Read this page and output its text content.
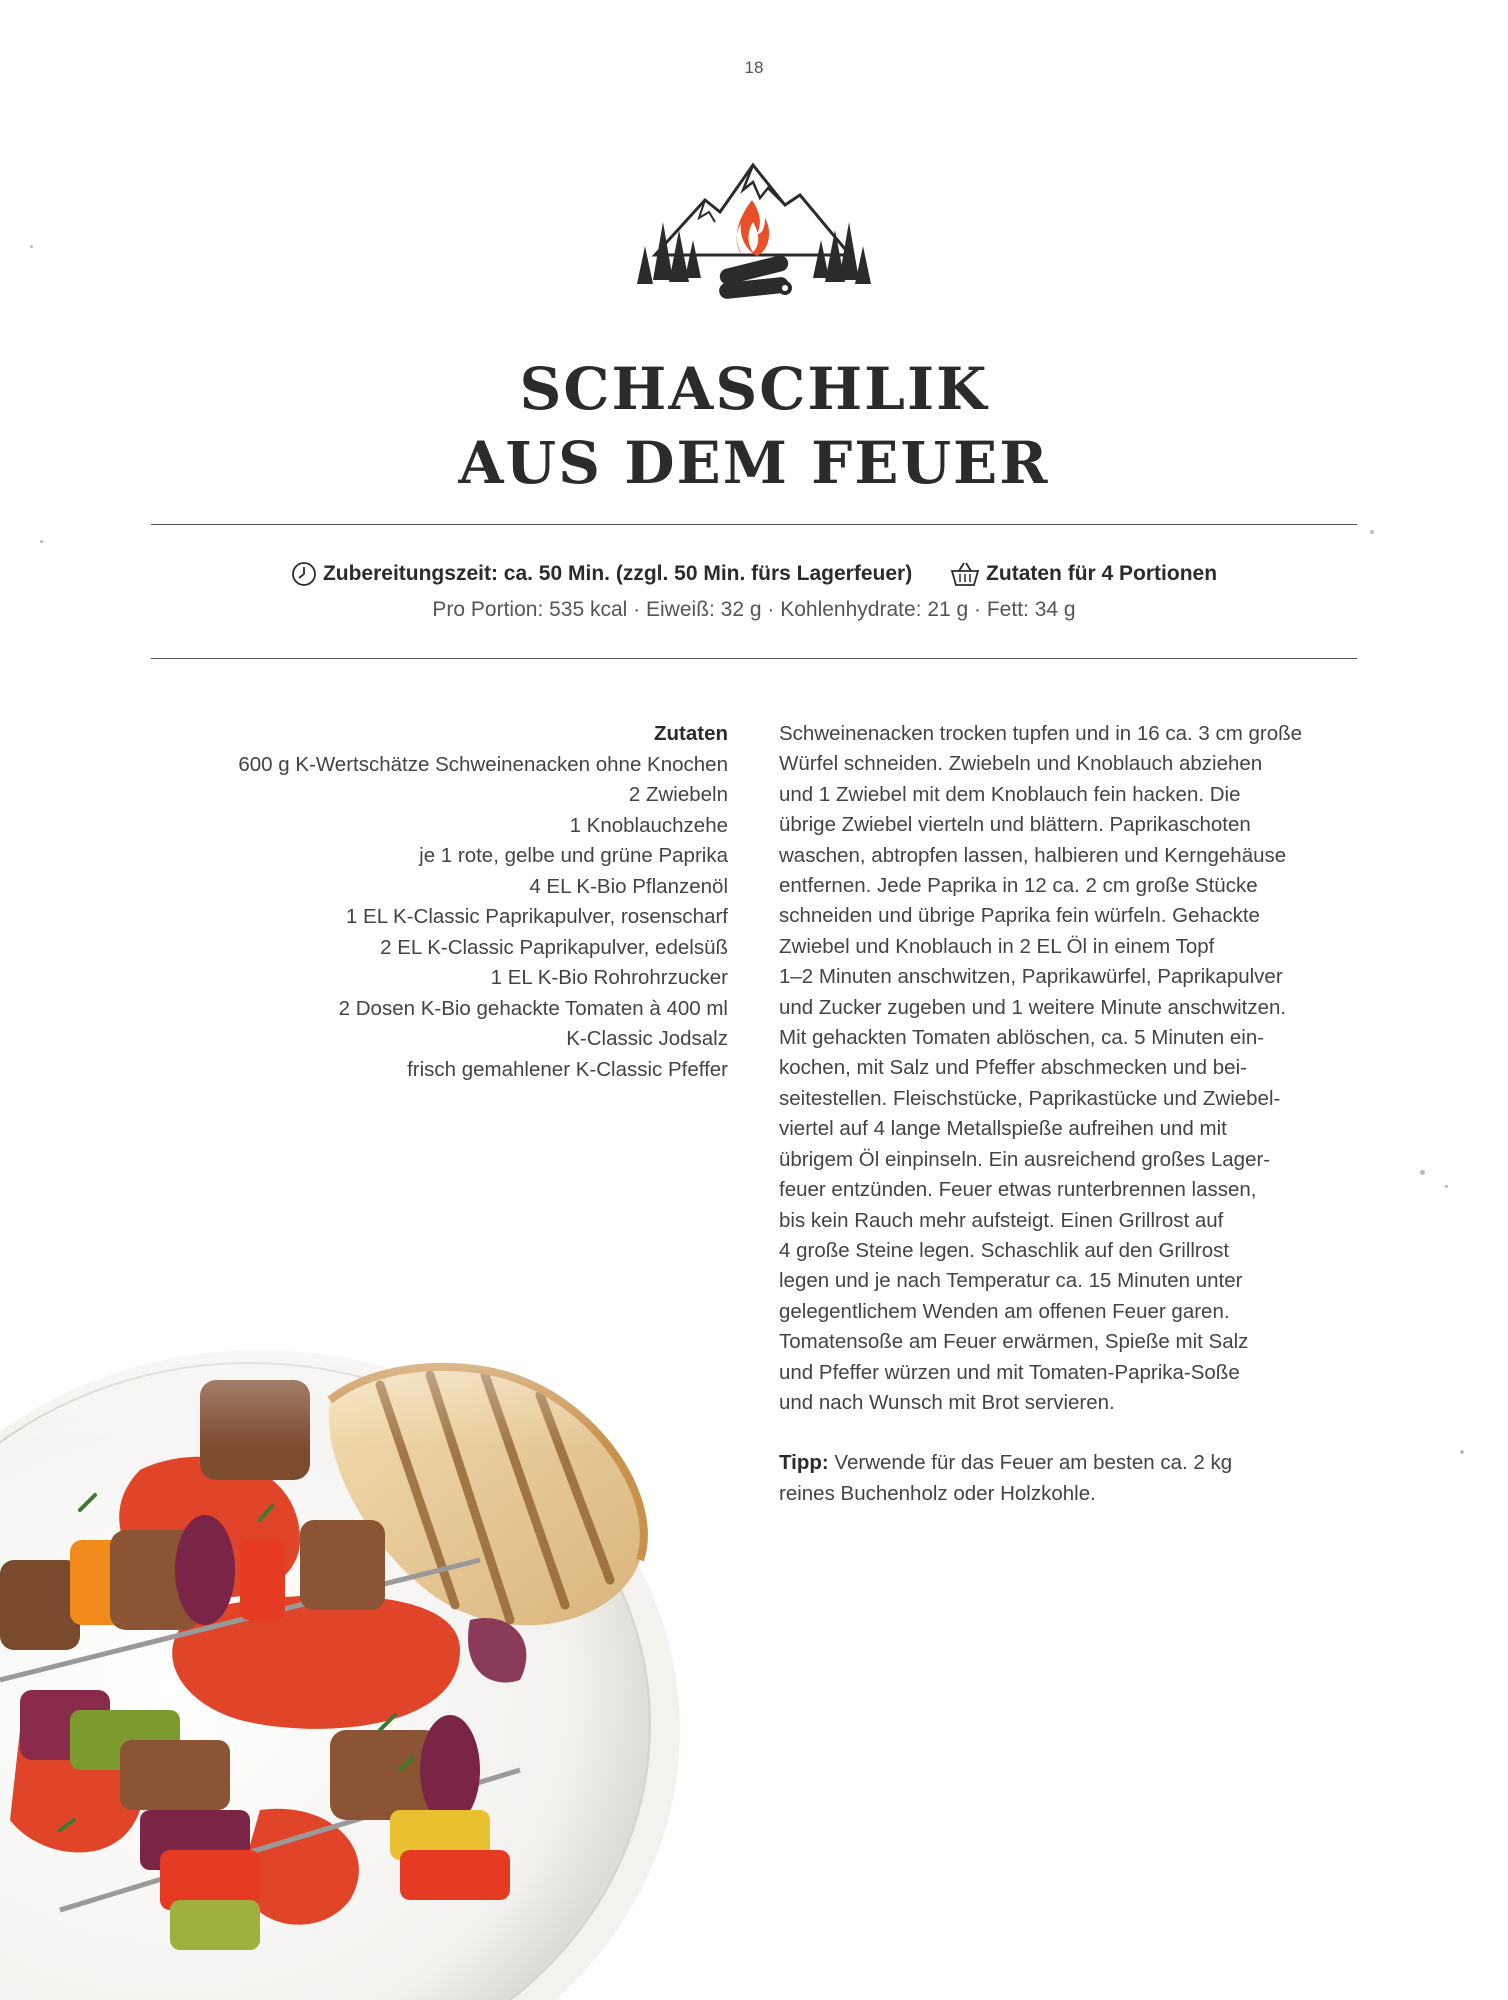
18
SCHASCHLIK
AUS DEM FEUER
Zubereitungszeit: ca. 50 Min. (zzgl. 50 Min. fürs Lagerfeuer)
	Zutaten für 4 Portionen
Pro Portion: 535 kcal · Eiweiß: 32 g · Kohlenhydrate: 21 g · Fett: 34 g
Zutaten
600 g K-Wertschätze Schweinenacken ohne Knochen
2 Zwiebeln
1 Knoblauchzehe
je 1 rote, gelbe und grüne Paprika
4 EL K-Bio Pflanzenöl
1 EL K-Classic Paprikapulver, rosenscharf
2 EL K-Classic Paprikapulver, edelsüß
1 EL K-Bio Rohrohrzucker
2 Dosen K-Bio gehackte Tomaten à 400 ml
K-Classic Jodsalz
frisch gemahlener K-Classic Pfeffer

Schweinenacken trocken tupfen und in 16 ca. 3 cm große
Würfel schneiden. Zwiebeln und Knoblauch abziehen
und 1 Zwiebel mit dem Knoblauch fein hacken. Die
übrige Zwiebel vierteln und blättern. Paprikaschoten
waschen, abtropfen lassen, halbieren und Kerngehäuse
entfernen. Jede Paprika in 12 ca. 2 cm große Stücke
schneiden und übrige Paprika fein würfeln. Gehackte
Zwiebel und Knoblauch in 2 EL Öl in einem Topf
1–2 Minuten anschwitzen, Paprikawürfel, Paprikapulver
und Zucker zugeben und 1 weitere Minute anschwitzen.
Mit gehackten Tomaten ablöschen, ca. 5 Minuten ein-
kochen, mit Salz und Pfeffer abschmecken und bei-
seitestellen. Fleischstücke, Paprikastücke und Zwiebel-
viertel auf 4 lange Metallspieße aufreihen und mit
übrigem Öl einpinseln. Ein ausreichend großes Lager-
feuer entzünden. Feuer etwas runterbrennen lassen,
bis kein Rauch mehr aufsteigt. Einen Grillrost auf
4 große Steine legen. Schaschlik auf den Grillrost
legen und je nach Temperatur ca. 15 Minuten unter
gelegentlichem Wenden am offenen Feuer garen.
Tomatensoße am Feuer erwärmen, Spieße mit Salz
und Pfeffer würzen und mit Tomaten-Paprika-Soße
und nach Wunsch mit Brot servieren.

Tipp: Verwende für das Feuer am besten ca. 2 kg
reines Buchenholz oder Holzkohle.
